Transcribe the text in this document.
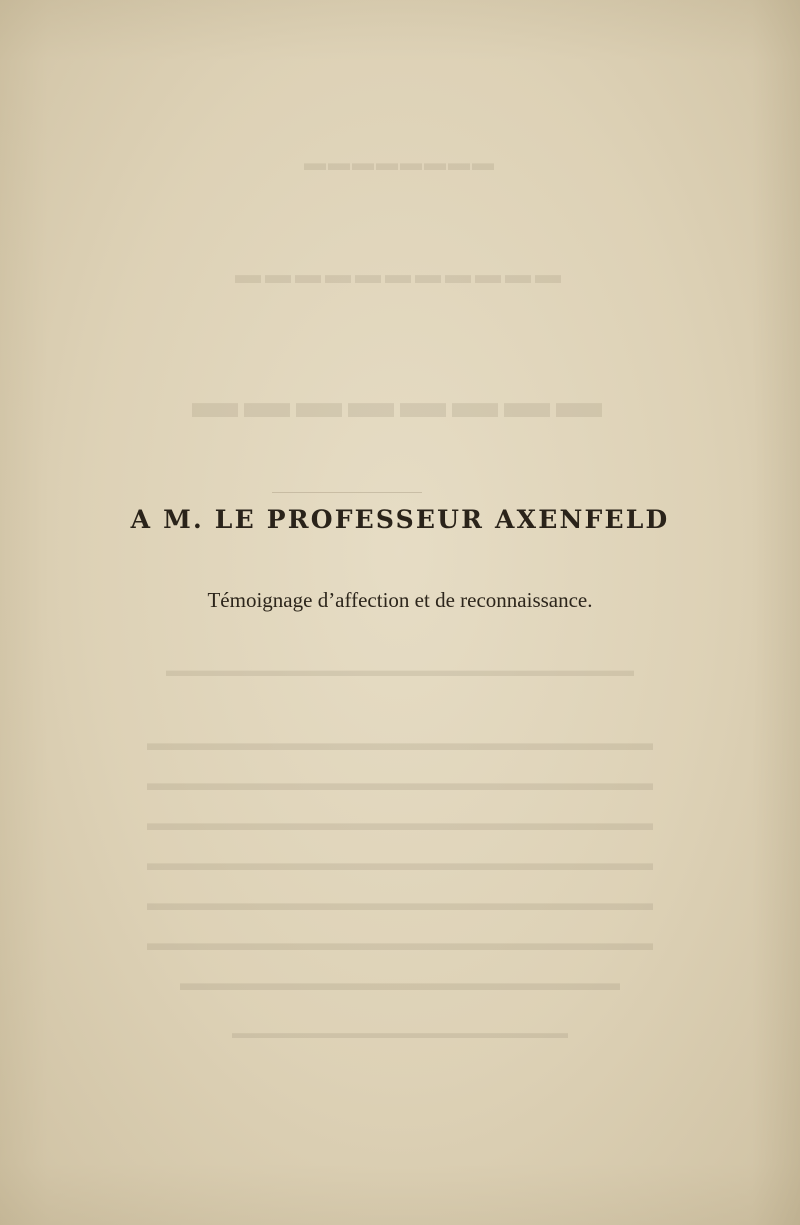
▬▬▬▬▬▬▬▬
▬▬▬▬▬▬▬▬▬▬▬
▬▬▬▬▬▬▬▬
▬▬▬▬▬▬▬▬▬▬▬▬▬▬▬▬▬▬▬▬▬▬▬▬▬▬
▬▬▬▬▬▬▬▬▬▬▬▬▬▬▬▬▬▬▬▬▬▬▬
▬▬▬▬▬▬▬▬▬▬▬▬▬▬▬▬▬▬▬▬▬▬▬
▬▬▬▬▬▬▬▬▬▬▬▬▬▬▬▬▬▬▬▬▬▬▬
▬▬▬▬▬▬▬▬▬▬▬▬▬▬▬▬▬▬▬▬▬▬▬
▬▬▬▬▬▬▬▬▬▬▬▬▬▬▬▬▬▬▬▬▬▬▬
▬▬▬▬▬▬▬▬▬▬▬▬▬▬▬▬▬▬▬▬▬▬▬
▬▬▬▬▬▬▬▬▬▬▬▬▬▬▬▬▬▬▬▬
▬▬▬▬▬▬▬▬▬▬▬▬▬▬▬▬▬▬▬▬▬
A M. LE PROFESSEUR AXENFELD
Témoignage d’affection et de reconnaissance.
